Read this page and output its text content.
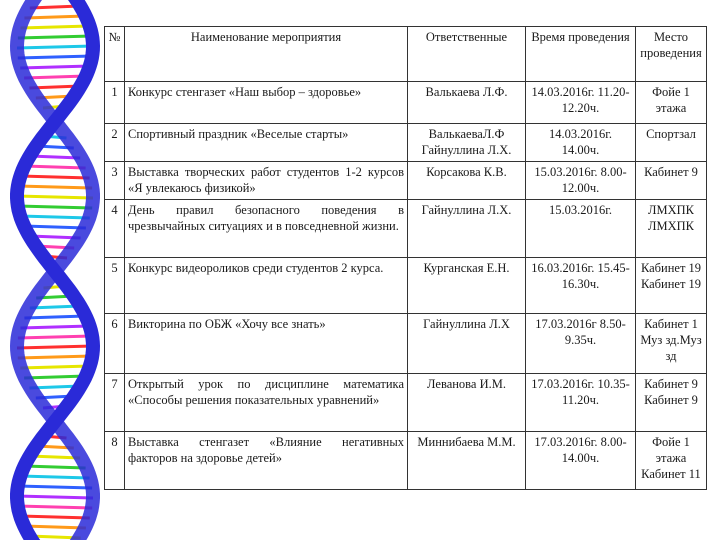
№	Наименование мероприятия	Ответственные	Время проведения	Место проведения
1	Конкурс стенгазет «Наш выбор – здоровье»	Валькаева Л.Ф.	14.03.2016г. 11.20-12.20ч.	Фойе 1 этажа
2	Спортивный праздник «Веселые старты»	ВалькаеваЛ.Ф Гайнуллина Л.Х.	14.03.2016г. 14.00ч.	Спортзал
3	Выставка творческих работ студентов 1-2 курсов «Я увлекаюсь физикой»	Корсакова К.В.	15.03.2016г. 8.00-12.00ч.	Кабинет 9
4	День правил безопасного поведения в чрезвычайных ситуациях и в повседневной жизни.	Гайнуллина Л.Х.	15.03.2016г.	ЛМХПК ЛМХПК
5	Конкурс видеороликов среди студентов 2 курса.	Курганская Е.Н.	16.03.2016г. 15.45-16.30ч.	Кабинет 19 Кабинет 19
6	Викторина по ОБЖ «Хочу все знать»	Гайнуллина Л.Х	17.03.2016г 8.50-9.35ч.	Кабинет 1 Муз зд.Муз зд
7	Открытый урок по дисциплине математика «Способы решения показательных уравнений»	Леванова И.М.	17.03.2016г. 10.35-11.20ч.	Кабинет 9 Кабинет 9
8	Выставка стенгазет «Влияние негативных факторов на здоровье детей»	Миннибаева М.М.	17.03.2016г. 8.00-14.00ч.	Фойе 1 этажа Кабинет 11
